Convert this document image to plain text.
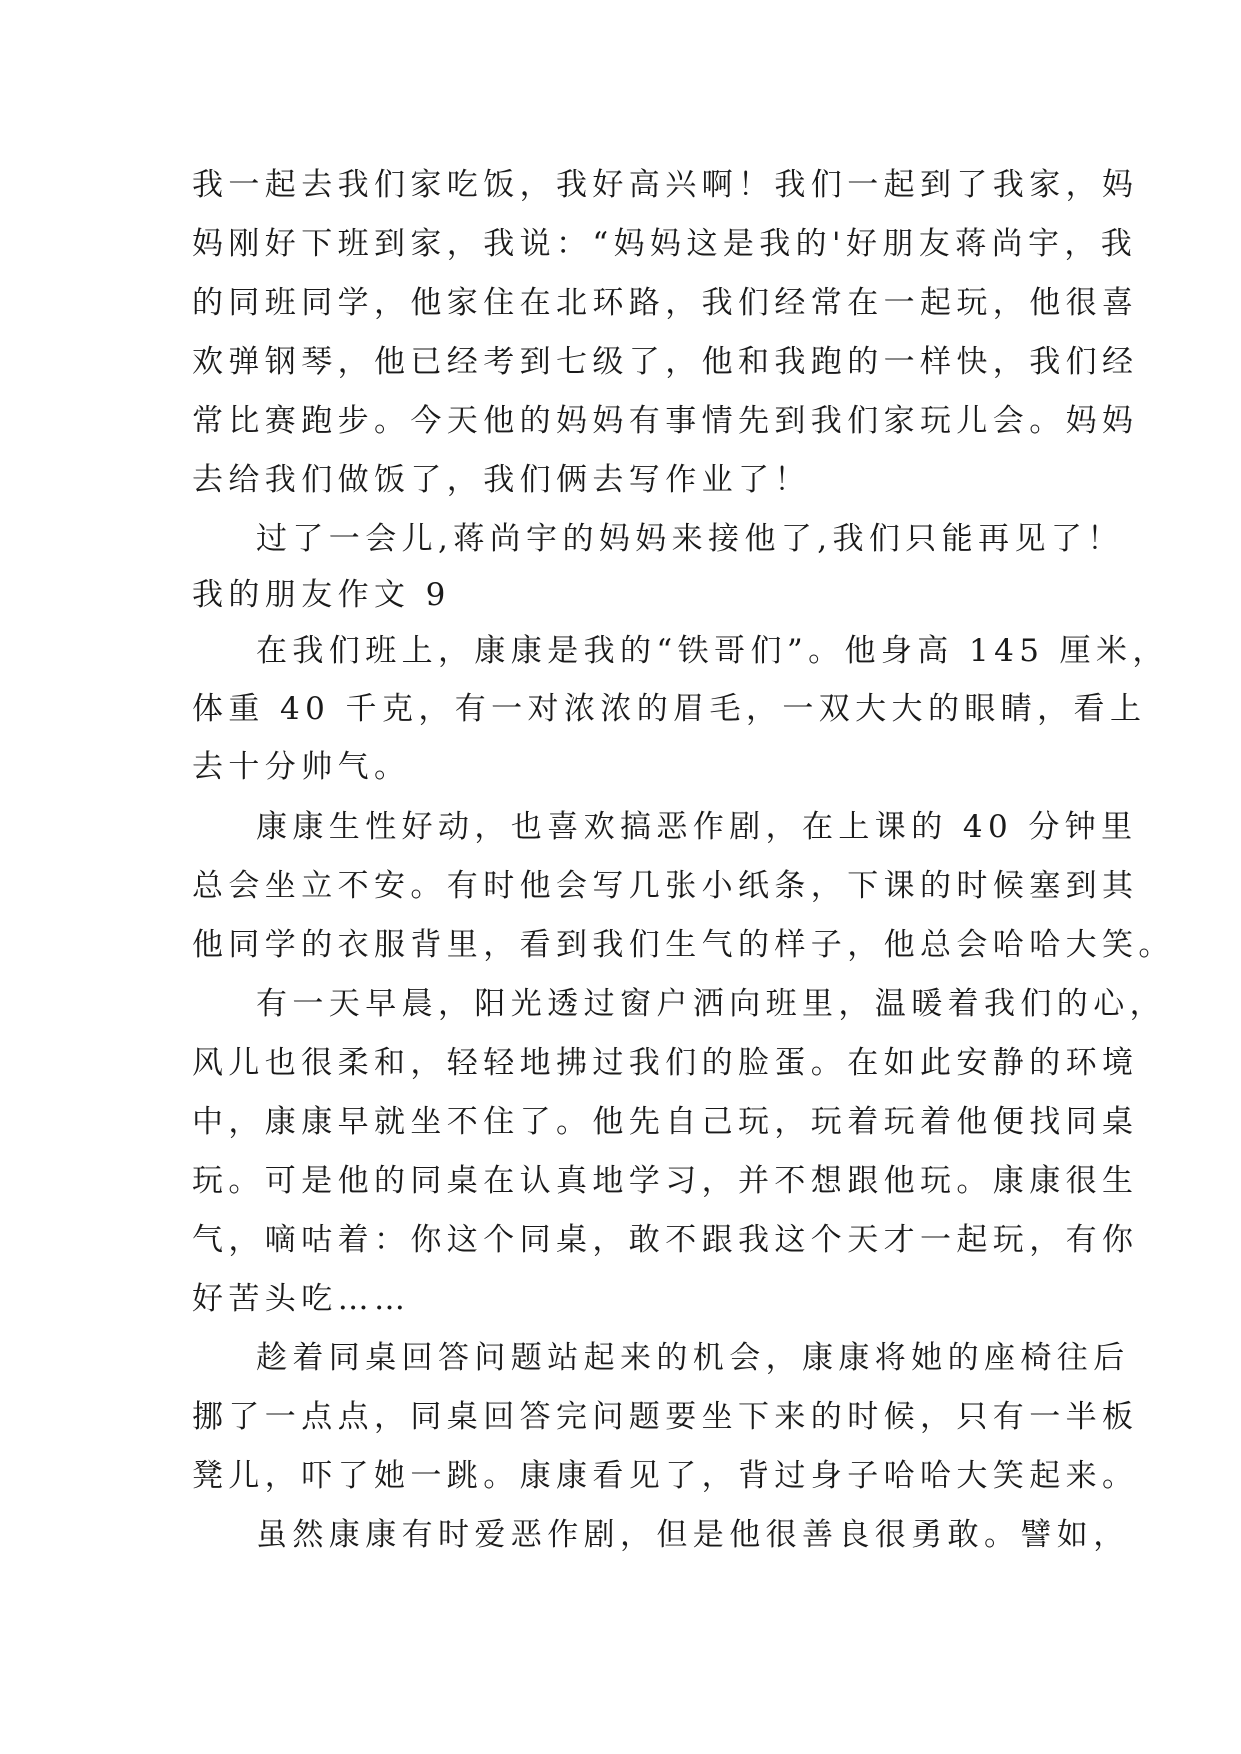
我一起去我们家吃饭，我好高兴啊！我们一起到了我家，妈

妈刚好下班到家，我说：“妈妈这是我的'好朋友蒋尚宇，我

的同班同学，他家住在北环路，我们经常在一起玩，他很喜

欢弹钢琴，他已经考到七级了，他和我跑的一样快，我们经

常比赛跑步。今天他的妈妈有事情先到我们家玩儿会。妈妈

去给我们做饭了，我们俩去写作业了！

过了一会儿,蒋尚宇的妈妈来接他了,我们只能再见了！

我的朋友作文 9

在我们班上，康康是我的“铁哥们”。他身高 145 厘米，

体重 40 千克，有一对浓浓的眉毛，一双大大的眼睛，看上

去十分帅气。

康康生性好动，也喜欢搞恶作剧，在上课的 40 分钟里

总会坐立不安。有时他会写几张小纸条，下课的时候塞到其

他同学的衣服背里，看到我们生气的样子，他总会哈哈大笑。

有一天早晨，阳光透过窗户洒向班里，温暖着我们的心，

风儿也很柔和，轻轻地拂过我们的脸蛋。在如此安静的环境

中，康康早就坐不住了。他先自己玩，玩着玩着他便找同桌

玩。可是他的同桌在认真地学习，并不想跟他玩。康康很生

气，嘀咕着：你这个同桌，敢不跟我这个天才一起玩，有你

好苦头吃……

趁着同桌回答问题站起来的机会，康康将她的座椅往后

挪了一点点，同桌回答完问题要坐下来的时候，只有一半板

凳儿，吓了她一跳。康康看见了，背过身子哈哈大笑起来。

虽然康康有时爱恶作剧，但是他很善良很勇敢。譬如，
